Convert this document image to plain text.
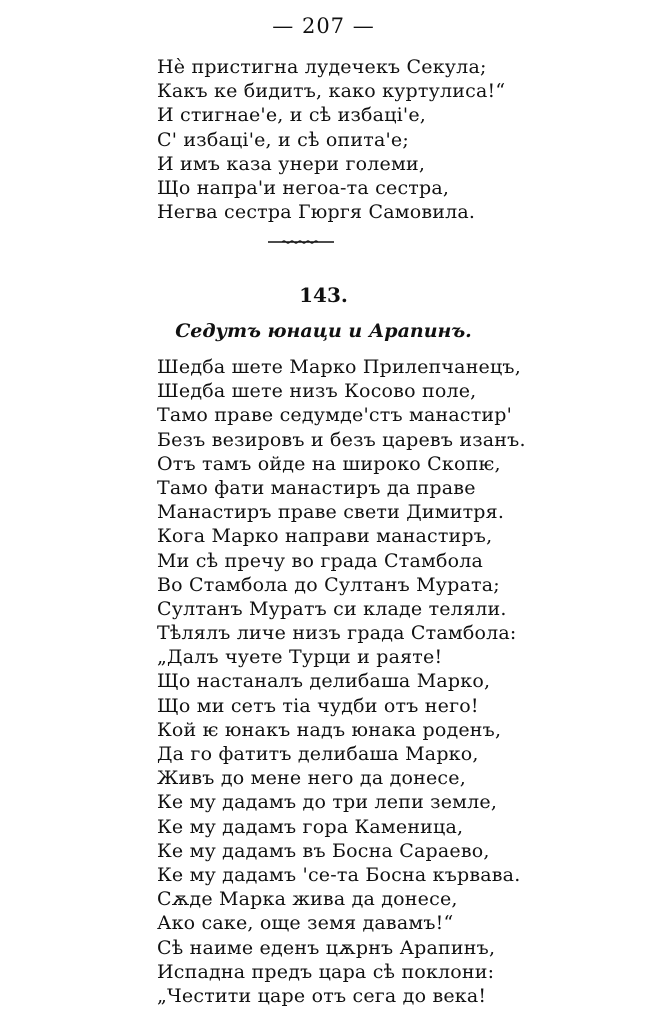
— 207 —
Нѐ пристигна лудечекъ Секула;
Какъ ке бидитъ, како куртулиса!“
И стигнае'е, и сѣ избаці'е,
С' избаці'е, и сѣ опита'е;
И имъ каза унери големи,
Що напра'и негоа-та сестра,
Негва сестра Гюргя Самовила.
143.
Седутъ юнаци и Арапинъ.
Шедба шете Марко Прилепчанецъ,
Шедба шете низъ Косово поле,
Тамо праве седумде'стъ манастир'
Безъ везировъ и безъ царевъ изанъ.
Отъ тамъ ойде на широко Скопѥ,
Тамо фати манастиръ да праве
Манастиръ праве свети Димитря.
Кога Марко направи манастиръ,
Ми сѣ пречу во града Стамбола
Во Стамбола до Султанъ Мурата;
Султанъ Муратъ си кладе теляли.
Тѣлялъ личе низъ града Стамбола:
„Далъ чуете Турци и раяте!
Що настаналъ делибаша Марко,
Що ми сетъ тіа чудби отъ него!
Кой ѥ юнакъ надъ юнака роденъ,
Да го фатитъ делибаша Марко,
Живъ до мене него да донесе,
Ке му дадамъ до три лепи земле,
Ке му дадамъ гора Каменица,
Ке му дадамъ въ Босна Сараево,
Ке му дадамъ 'се-та Босна кървава.
Сѫде Марка жива да донесе,
Ако саке, още земя давамъ!“
Сѣ наиме еденъ цѫрнъ Арапинъ,
Испадна предъ цара сѣ поклони:
„Честити царе отъ сега до века!
